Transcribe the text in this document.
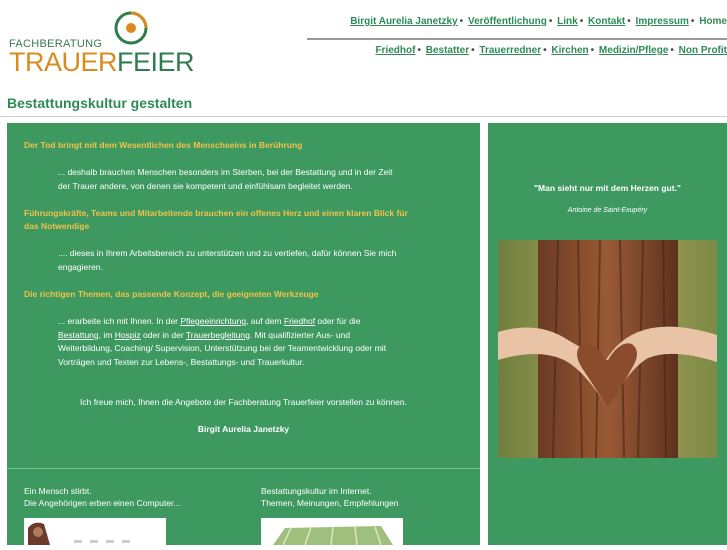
FACHBERATUNG
TRAUERFEIER
Birgit Aurelia Janetzky • Veröffentlichung • Link • Kontakt • Impressum • Home
Friedhof • Bestatter • Trauerredner • Kirchen • Medizin/Pflege • Non Profit
Bestattungskultur gestalten
Der Tod bringt mit dem Wesentlichen des Menschseins in Berührung
... deshalb brauchen Menschen besonders im Sterben, bei der Bestattung und in der Zeit
der Trauer andere, von denen sie kompetent und einfühlsam begleitet werden.
Führungskräfte, Teams und Mitarbeitende brauchen ein offenes Herz und einen klaren Blick für
das Notwendige
.... dieses in Ihrem Arbeitsbereich zu unterstützen und zu vertiefen, dafür können Sie mich
engagieren.
Die richtigen Themen, das passende Konzept, die geeigneten Werkzeuge
... erarbeite ich mit Ihnen. In der Pflegeeinrichtung, auf dem Friedhof oder für die
Bestattung, im Hospiz oder in der Trauerbegleitung. Mit qualifizierter Aus- und
Weiterbildung, Coaching/ Supervision, Unterstützung bei der Teamentwicklung oder mit
Vorträgen und Texten zur Lebens-, Bestattungs- und Trauerkultur.
Ich freue mich, Ihnen die Angebote der Fachberatung Trauerfeier vorstellen zu können.
Birgit Aurelia Janetzky
"Man sieht nur mit dem Herzen gut."
Antoine de Saint-Exupéry
Ein Mensch stirbt.
Die Angehörigen erben einen Computer...
Bestattungskultur im Internet.
Themen, Meinungen, Empfehlungen
